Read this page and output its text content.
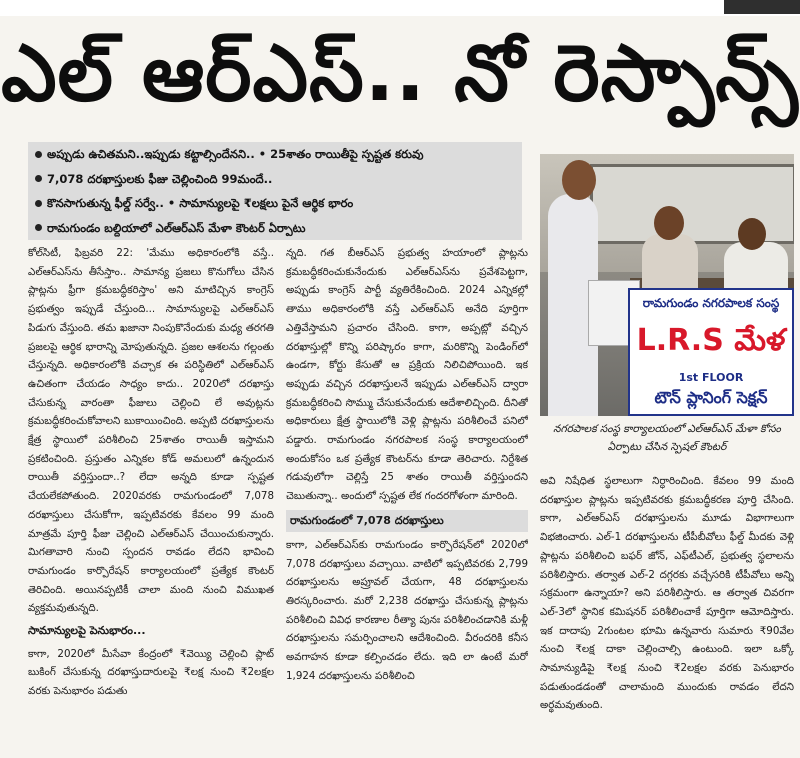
ఎల్ ఆర్ఎస్.. నో రెస్పాన్స్
అప్పుడు ఉచితమని..ఇప్పుడు కట్టాల్సిందేనని.. • 25శాతం రాయితీపై స్పష్టత కరువు
7,078 దరఖాస్తులకు ఫీజు చెల్లించింది 99మందే..
కొనసాగుతున్న ఫీల్డ్ సర్వే.. • సామాన్యులపై ₹లక్షలు పైనే ఆర్థిక భారం
రామగుండం బల్దియాలో ఎల్ఆర్ఎస్ మేళా కౌంటర్ ఏర్పాటు
రామగుండం నగరపాలక సంస్థ
L.R.S మేళ
1st FLOOR
టౌన్ ప్లానింగ్ సెక్షన్
నగరపాలక సంస్థ కార్యాలయంలో ఎల్ఆర్ఎస్ మేళా కోసం ఏర్పాటు చేసిన స్పెషల్ కౌంటర్

కోల్‌సిటీ, ఫిబ్రవరి 22: 'మేము అధికారంలోకి వస్తే.. ఎల్ఆర్ఎస్‌ను తీసేస్తాం.. సామాన్య ప్రజలు కొనుగోలు చేసిన ప్లాట్లను ఫ్రీగా క్రమబద్ధీకరిస్తాం' అని మాటిచ్చిన కాంగ్రెస్ ప్రభుత్వం ఇప్పుడే చేస్తుంది... సామాన్యులపై ఎల్ఆర్ఎస్ పిడుగు వేస్తుంది. తమ ఖజానా నింపుకొనేందుకు మధ్య తరగతి ప్రజలపై ఆర్థిక భారాన్ని మోపుతున్నది. ప్రజల ఆశలను గల్లంతు చేస్తున్నది. అధికారంలోకి వచ్చాక ఈ పరిస్థితిలో ఎల్ఆర్ఎస్ ఉచితంగా చేయడం సాధ్యం కాదు.. 2020లో దరఖాస్తు చేసుకున్న వారంతా ఫీజులు చెల్లించి లే అవుట్లను క్రమబద్ధీకరించుకోవాలని బుకాయించింది. అప్పటి దరఖాస్తులను క్షేత్ర స్థాయిలో పరిశీలించి 25శాతం రాయితీ ఇస్తామని ప్రకటించింది. ప్రస్తుతం ఎన్నికల కోడ్ అమలులో ఉన్నందున రాయితీ వర్తిస్తుందా..? లేదా అన్నది కూడా స్పష్టత చేయలేకపోతుంది. 2020వరకు రామగుండంలో 7,078 దరఖాస్తులు చేసుకోగా, ఇప్పటివరకు కేవలం 99 మంది మాత్రమే పూర్తి ఫీజు చెల్లించి ఎల్ఆర్ఎస్ చేయించుకున్నారు. మిగతావారి నుంచి స్పందన రావడం లేదని భావించి రామగుండం కార్పొరేషన్ కార్యాలయంలో ప్రత్యేక కౌంటర్ తెరిచింది. అయినప్పటికీ చాలా మంది నుంచి విముఖత వ్యక్తమవుతున్నది.

సామాన్యులపై పెనుభారం...

కాగా, 2020లో మీసేవా కేంద్రంలో ₹వెయ్యి చెల్లించి ప్లాట్ బుకింగ్ చేసుకున్న దరఖాస్తుదారులపై ₹లక్ష నుంచి ₹2లక్షల వరకు పెనుభారం పడుతు

న్నది. గత బీఆర్ఎస్ ప్రభుత్వ హయాంలో ప్లాట్లను క్రమబద్ధీకరించుకునేందుకు ఎల్ఆర్ఎస్‌ను ప్రవేశపెట్టగా, అప్పుడు కాంగ్రెస్ పార్టీ వ్యతిరేకించింది. 2024 ఎన్నికల్లో తాము అధికారంలోకి వస్తే ఎల్ఆర్ఎస్ అనేది పూర్తిగా ఎత్తివేస్తామని ప్రచారం చేసింది. కాగా, అప్పట్లో వచ్చిన దరఖాస్తుల్లో కొన్ని పరిష్కారం కాగా, మరికొన్ని పెండింగ్‌లో ఉండగా, కోర్టు కేసుతో ఆ ప్రక్రియ నిలిచిపోయింది. ఇక అప్పుడు వచ్చిన దరఖాస్తులనే ఇప్పుడు ఎల్ఆర్ఎస్ ద్వారా క్రమబద్ధీకరించి సొమ్ము చేసుకునేందుకు ఆదేశాలిచ్చింది. దీనితో అధికారులు క్షేత్ర స్థాయిలోకి వెళ్లి ప్లాట్లను పరిశీలించే పనిలో పడ్డారు. రామగుండం నగరపాలక సంస్థ కార్యాలయంలో అందుకోసం ఒక ప్రత్యేక కౌంటర్‌ను కూడా తెరిచారు. నిర్దేశిత గడువులోగా చెల్లిస్తే 25 శాతం రాయితీ వర్తిస్తుందని చెబుతున్నా.. అందులో స్పష్టత లేక గందరగోళంగా మారింది.

రామగుండంలో 7,078 దరఖాస్తులు

కాగా, ఎల్ఆర్ఎస్‌కు రామగుండం కార్పొరేషన్‌లో 2020లో 7,078 దరఖాస్తులు వచ్చాయి. వాటిలో ఇప్పటివరకు 2,799 దరఖాస్తులను అప్రూవల్ చేయగా, 48 దరఖాస్తులను తిరస్కరించారు. మరో 2,238 దరఖాస్తు చేసుకున్న ప్లాట్లను పరిశీలించి వివిధ కారణాల రీత్యా పునః పరిశీలించడానికి మళ్లీ దరఖాస్తులను సమర్పించాలని ఆదేశించింది. వీరందరికి కనీస అవగాహన కూడా కల్పించడం లేదు. ఇది లా ఉంటే మరో 1,924 దరఖాస్తులను పరిశీలించి

అవి నిషేధిత స్థలాలుగా నిర్ధారించింది. కేవలం 99 మంది దరఖాస్తుల ప్లాట్లను ఇప్పటివరకు క్రమబద్ధీకరణ పూర్తి చేసింది. కాగా, ఎల్ఆర్ఎస్ దరఖాస్తులను మూడు విభాగాలుగా విభజించారు. ఎల్-1 దరఖాస్తులను టీపీబీవోలు ఫీల్డ్ మీదకు వెళ్లి ప్లాట్లను పరిశీలించి బఫర్ జోన్, ఎఫ్‌టీఎల్, ప్రభుత్వ స్థలాలను పరిశీలిస్తారు. తర్వాత ఎల్-2 దగ్గరకు వచ్చేసరికి టీపీవోలు అన్ని సక్రమంగా ఉన్నాయా? అని పరిశీలిస్తారు. ఆ తర్వాత చివరగా ఎల్-3లో స్థానిక కమిషనర్ పరిశీలించాకే పూర్తిగా ఆమోదిస్తారు. ఇక దాదాపు 2గుంటల భూమి ఉన్నవారు సుమారు ₹90వేల నుంచి ₹లక్ష దాకా చెల్లించాల్సి ఉంటుంది. ఇలా ఒక్కో సామాన్యుడిపై ₹లక్ష నుంచి ₹2లక్షల వరకు పెనుభారం పడుతుండడంతో చాలామంది ముందుకు రావడం లేదని అర్థమవుతుంది.
